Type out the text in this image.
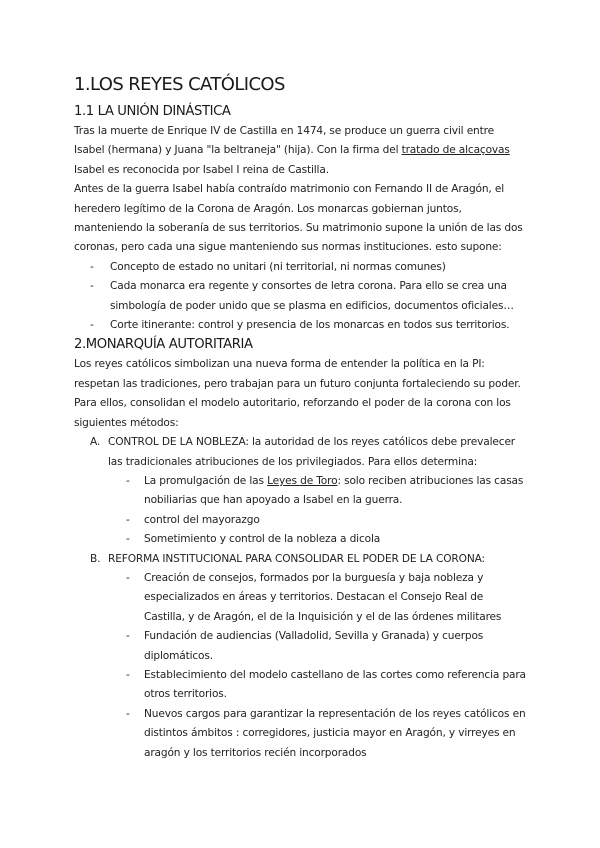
1.LOS REYES CATÓLICOS
1.1 LA UNIÓN DINÁSTICA

Tras la muerte de Enrique IV de Castilla en 1474, se produce un guerra civil entre Isabel (hermana) y Juana "la beltraneja" (hija). Con la firma del tratado de alcaçovas Isabel es reconocida por Isabel I reina de Castilla.

Antes de la guerra Isabel había contraído matrimonio con Fernando II de Aragón, el heredero legítimo de la Corona de Aragón. Los monarcas gobiernan juntos, manteniendo la soberanía de sus territorios. Su matrimonio supone la unión de las dos coronas, pero cada una sigue manteniendo sus normas instituciones. esto supone:

- Concepto de estado no unitari (ni territorial, ni normas comunes)
- Cada monarca era regente y consortes de letra corona. Para ello se crea una simbología de poder unido que se plasma en edificios, documentos oficiales…
- Corte itinerante: control y presencia de los monarcas en todos sus territorios.
2.MONARQUÍA AUTORITARIA

Los reyes católicos simbolizan una nueva forma de entender la política en la PI: respetan las tradiciones, pero trabajan para un futuro conjunta fortaleciendo su poder. Para ellos, consolidan el modelo autoritario, reforzando el poder de la corona con los siguientes métodos:

A. CONTROL DE LA NOBLEZA: la autoridad de los reyes católicos debe prevalecer las tradicionales atribuciones de los privilegiados. Para ellos determina:
- La promulgación de las Leyes de Toro: solo reciben atribuciones las casas nobiliarias que han apoyado a Isabel en la guerra.
- control del mayorazgo
- Sometimiento y control de la nobleza a dicola
B. REFORMA INSTITUCIONAL PARA CONSOLIDAR EL PODER DE LA CORONA:
- Creación de consejos, formados por la burguesía y baja nobleza y especializados en áreas y territorios. Destacan el Consejo Real de Castilla, y de Aragón, el de la Inquisición y el de las órdenes militares
- Fundación de audiencias (Valladolid, Sevilla y Granada) y cuerpos diplomáticos.
- Establecimiento del modelo castellano de las cortes como referencia para otros territorios.
- Nuevos cargos para garantizar la representación de los reyes católicos en distintos ámbitos : corregidores, justicia mayor en Aragón, y virreyes en aragón y los territorios recién incorporados
